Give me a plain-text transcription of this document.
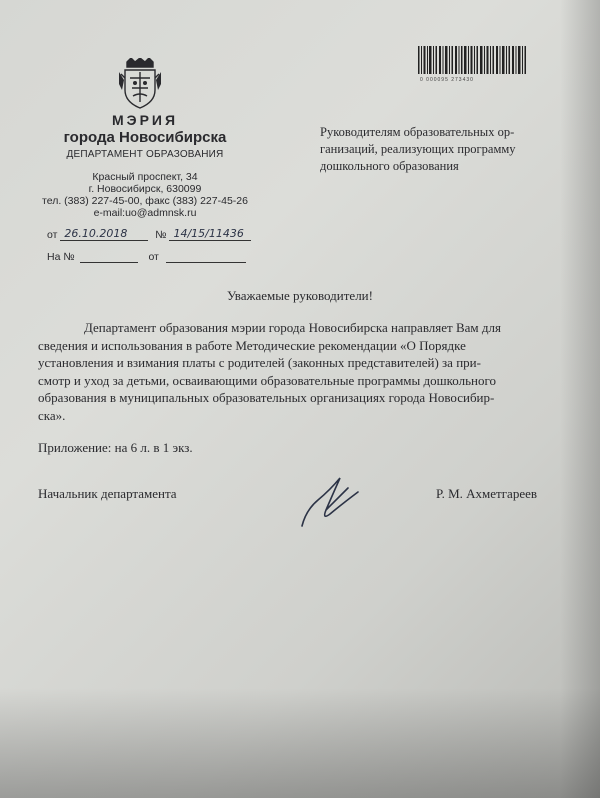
0 000095 273430
МЭРИЯ
города Новосибирска
ДЕПАРТАМЕНТ ОБРАЗОВАНИЯ
Красный проспект, 34
г. Новосибирск, 630099
тел. (383) 227-45-00, факс (383) 227-45-26
e-mail:uo@admnsk.ru
от 26.10.2018	№ 14/15/11436
На №	от
Руководителям образовательных ор-
ганизаций, реализующих программу
дошкольного образования
Уважаемые руководители!
Департамент образования мэрии города Новосибирска направляет Вам для
сведения и использования в работе Методические рекомендации «О Порядке
установления и взимания платы с родителей (законных представителей) за при-
смотр и уход за детьми, осваивающими образовательные программы дошкольного
образования в муниципальных образовательных организациях города Новосибир-
ска».
Приложение: на 6 л. в 1 экз.
Начальник департамента	Р. М. Ахметгареев
